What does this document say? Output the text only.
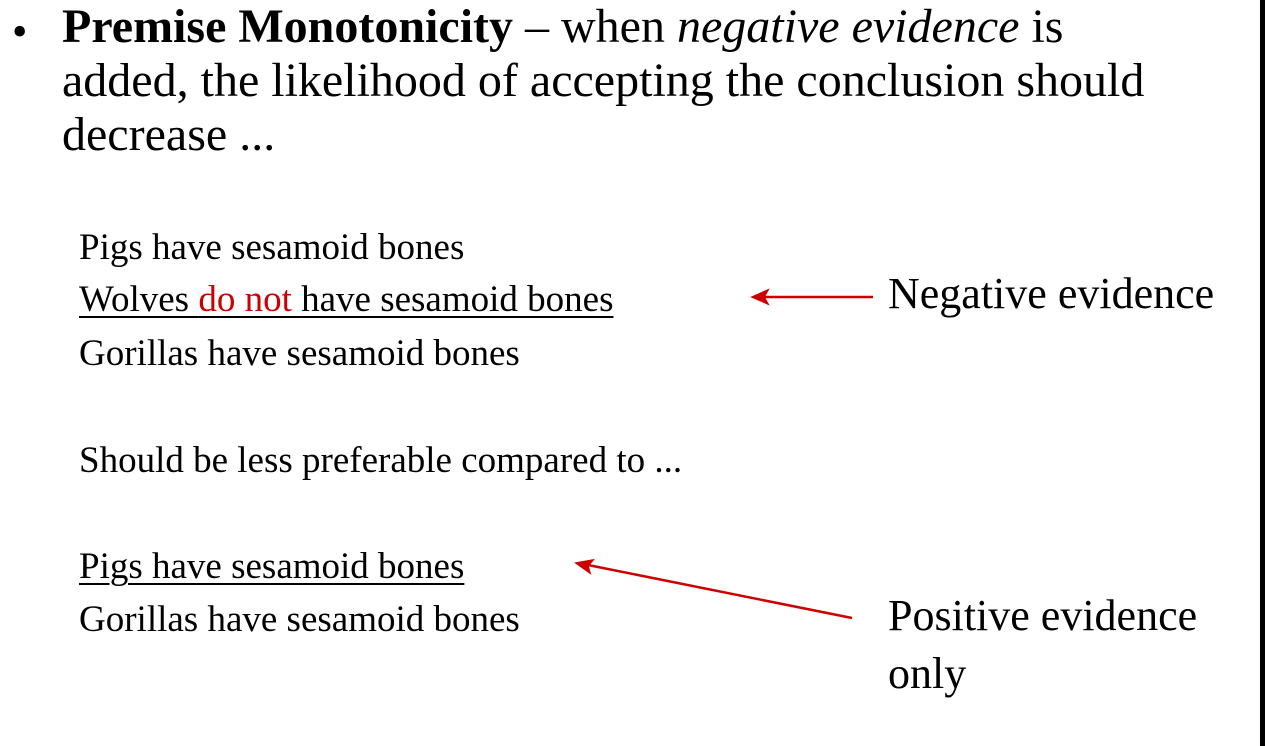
• Premise Monotonicity – when negative evidence is added, the likelihood of accepting the conclusion should decrease ...
Pigs have sesamoid bones
Wolves do not have sesamoid bones
Gorillas have sesamoid bones
Should be less preferable compared to ...
Pigs have sesamoid bones
Gorillas have sesamoid bones
Negative evidence
Positive evidence only
